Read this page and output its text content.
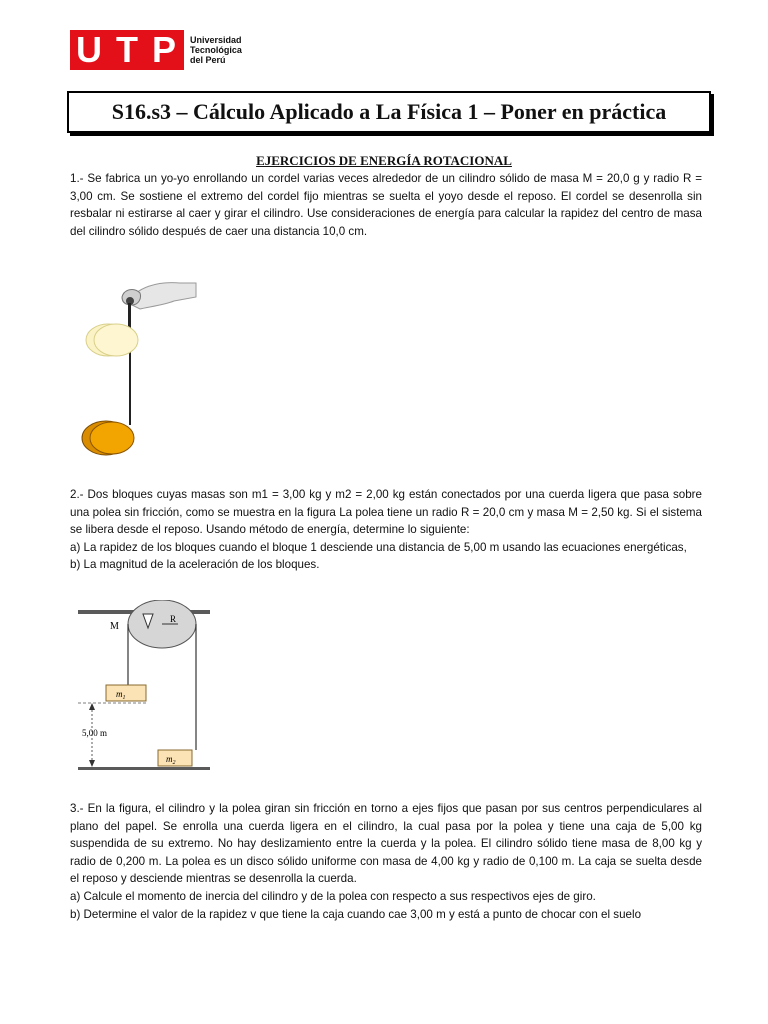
U T P Universidad
Tecnológica
del Perú
S16.s3 – Cálculo Aplicado a La Física 1 – Poner en práctica
EJERCICIOS DE ENERGÍA ROTACIONAL

1.- Se fabrica un yo-yo enrollando un cordel varias veces alrededor de un cilindro sólido de masa M = 20,0 g y radio R = 3,00 cm. Se sostiene el extremo del cordel fijo mientras se suelta el yoyo desde el reposo. El cordel se desenrolla sin resbalar ni estirarse al caer y girar el cilindro. Use consideraciones de energía para calcular la rapidez del centro de masa del cilindro sólido después de caer una distancia 10,0 cm.

2.- Dos bloques cuyas masas son m1 = 3,00 kg y m2 = 2,00 kg están conectados por una cuerda ligera que pasa sobre una polea sin fricción, como se muestra en la figura La polea tiene un radio R = 20,0 cm y masa M = 2,50 kg. Si el sistema se libera desde el reposo. Usando método de energía, determine lo siguiente:

a) La rapidez de los bloques cuando el bloque 1 desciende una distancia de 5,00 m usando las ecuaciones energéticas,

b) La magnitud de la aceleración de los bloques.

M
R
$m_1$
5,00 m
$m_2$

3.- En la figura, el cilindro y la polea giran sin fricción en torno a ejes fijos que pasan por sus centros perpendiculares al plano del papel. Se enrolla una cuerda ligera en el cilindro, la cual pasa por la polea y tiene una caja de 5,00 kg suspendida de su extremo. No hay deslizamiento entre la cuerda y la polea. El cilindro sólido tiene masa de 8,00 kg y radio de 0,200 m. La polea es un disco sólido uniforme con masa de 4,00 kg y radio de 0,100 m. La caja se suelta desde el reposo y desciende mientras se desenrolla la cuerda.

a) Calcule el momento de inercia del cilindro y de la polea con respecto a sus respectivos ejes de giro.

b) Determine el valor de la rapidez v que tiene la caja cuando cae 3,00 m y está a punto de chocar con el suelo
